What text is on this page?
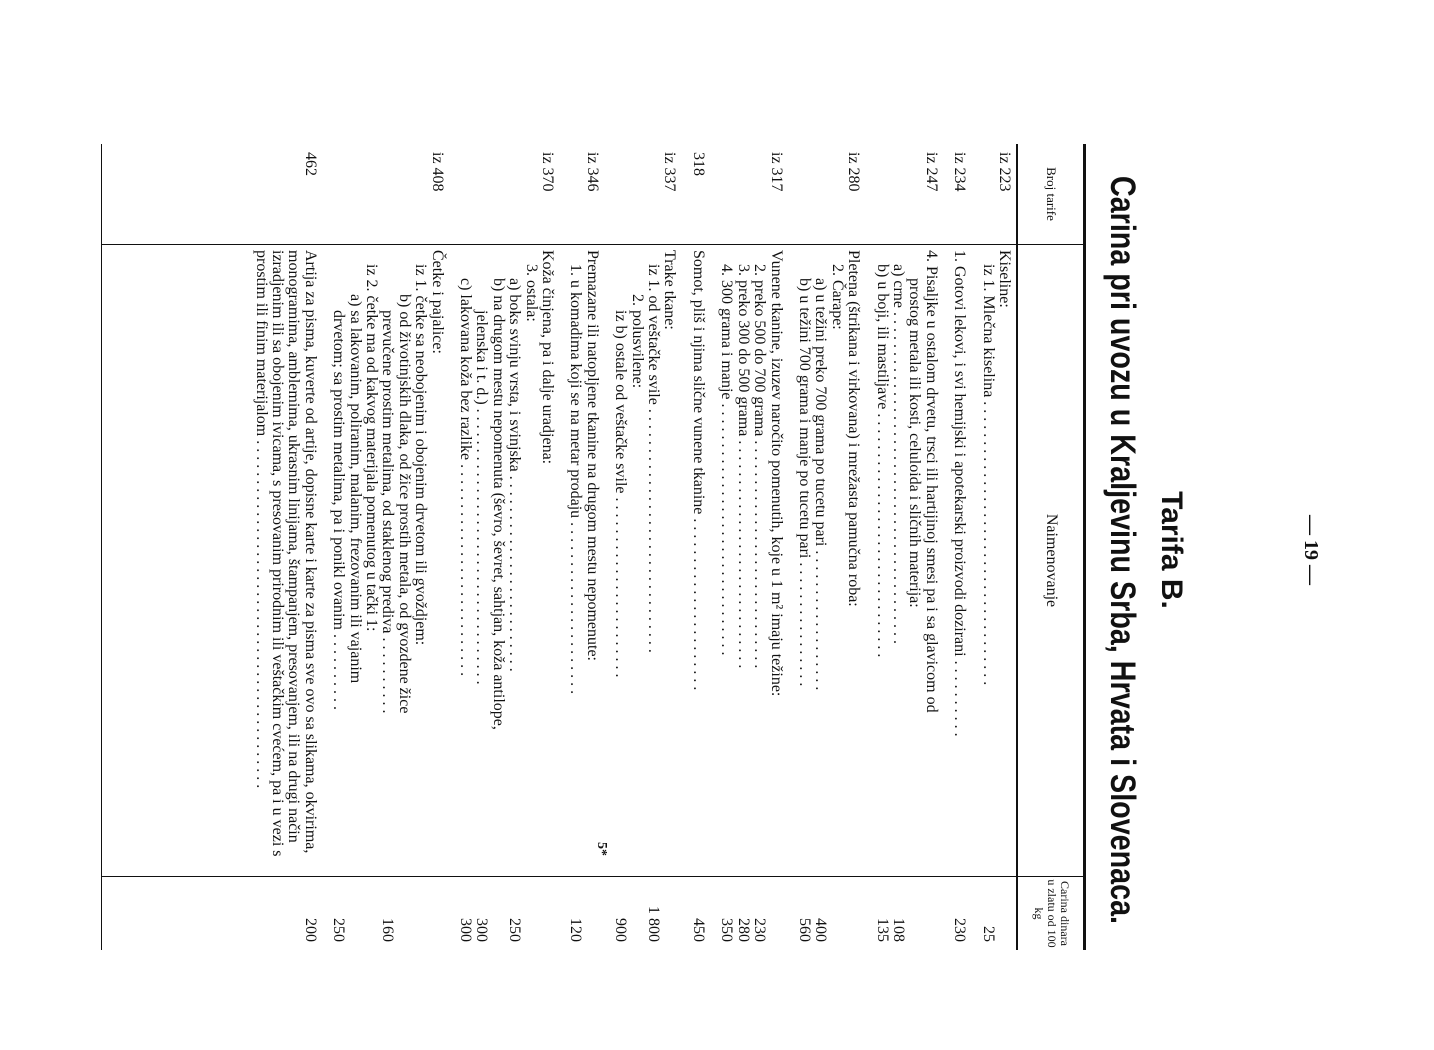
— 19 —
Tarifa B.
Carina pri uvozu u Kraljevinu Srba, Hrvata i Slovenaca.
Broj tarife
Naimenovanje
Carina dinara u zlatu od 100 kg
iz 223
Kiseline:
iz 1. Mlečna kiselina . . . . . . . . . . . . . . . . . . . . . . . . . . . . . . . . . . . .
25
iz 234
1. Gotovi lekovi, i svi hemijski i apotekarski proizvodi dozirani . . . . . . . . . .
230
iz 247
4. Pisaljke u ostalom drvetu, trsci ili hartijinoj smesi pa i sa glavicom od
prostog metala ili kosti, celuloida i sličnih materija:
a) crne . . . . . . . . . . . . . . . . . . . . . . . . . . . . . . . . . . . . . . . . . .
108
b) u boji, ili mastiljave . . . . . . . . . . . . . . . . . . . . . . . . . . . . . . .
135
iz 280
Pletena (štrikana i virkovana) i mrežasta pamučna roba:
2. Čarape:
a) u težini preko 700 grama po tucetu pari . . . . . . . . . . . . . . . . . .
400
b) u težini 700 grama i manje po tucetu pari . . . . . . . . . . . . . . . .
560
iz 317
Vunene tkanine, izuzev naročito pomenutih, koje u 1 m² imaju težine:
2. preko 500 do 700 grama . . . . . . . . . . . . . . . . . . . . . . . . . . . . .
230
3. preko 300 do 500 grama . . . . . . . . . . . . . . . . . . . . . . . . . . . . .
280
4. 300 grama i manje . . . . . . . . . . . . . . . . . . . . . . . . . . . . . . . .
350
318
Somot, pliš i njima slične vunene tkanine . . . . . . . . . . . . . . . . . . . . . .
450
iz 337
Trake tkane:
iz 1. od veštačke svile . . . . . . . . . . . . . . . . . . . . . . . . . . . . . . .
1 800
2. polusvilene:
iz b) ostale od veštačke svile . . . . . . . . . . . . . . . . . . . . . . .
900
iz 346
Premazane ili natopljene tkanine na drugom mestu nepomenute:
1. u komadima koji se na metar prodaju . . . . . . . . . . . . . . . . . . . . . .
120
iz 370
Koža činjena, pa i dalje uradjena:
3. ostala:
a) boks svinju vrsta, i svinjska . . . . . . . . . . . . . . . . . . . . . . . . .
250
b) na drugom mestu nepomenuta (ševro, ševret, sahtjan, koža antilope,
jelenska i t. d.) . . . . . . . . . . . . . . . . . . . . . . . . . . . . . . . . . . .
300
c) lakovana koža bez razlike . . . . . . . . . . . . . . . . . . . . . . . . . . .
300
iz 408
Četke i pajalice:
iz 1. četke sa neobojenim i obojenim drvetom ili gvoždjem:
b) od životinjskih dlaka, od žice prostih metala, od gvozdene žice
prevučene prostim metalima, od staklenog prediva . . . . . . . . . .
160
iz 2. četke ma od kakvog materijala pomenutog u tački 1:
a) sa lakovanim, poliranim, malanim, frezovanim ili vajanim
drvetom; sa prostim metalima, pa i ponikl ovanim . . . . . . . . . .
250
462
Artija za pisma, kuverte od artije, dopisne karte i karte za pisma sve ovo sa slikama, okvirima, monogramima, amblemima, ukrasnim linijama, štampanjem, presovanjem, ili na drugi način izradjenim ili sa obojenim ivicama, s presovanim prirodnim ili veštačkim cvećem, pa i u vezi s prostim ili finim materijalom . . . . . . . . . . . . . . . . . . . . . . . . . . . . . . . . . . . . . . . . . . . .
200
5*
